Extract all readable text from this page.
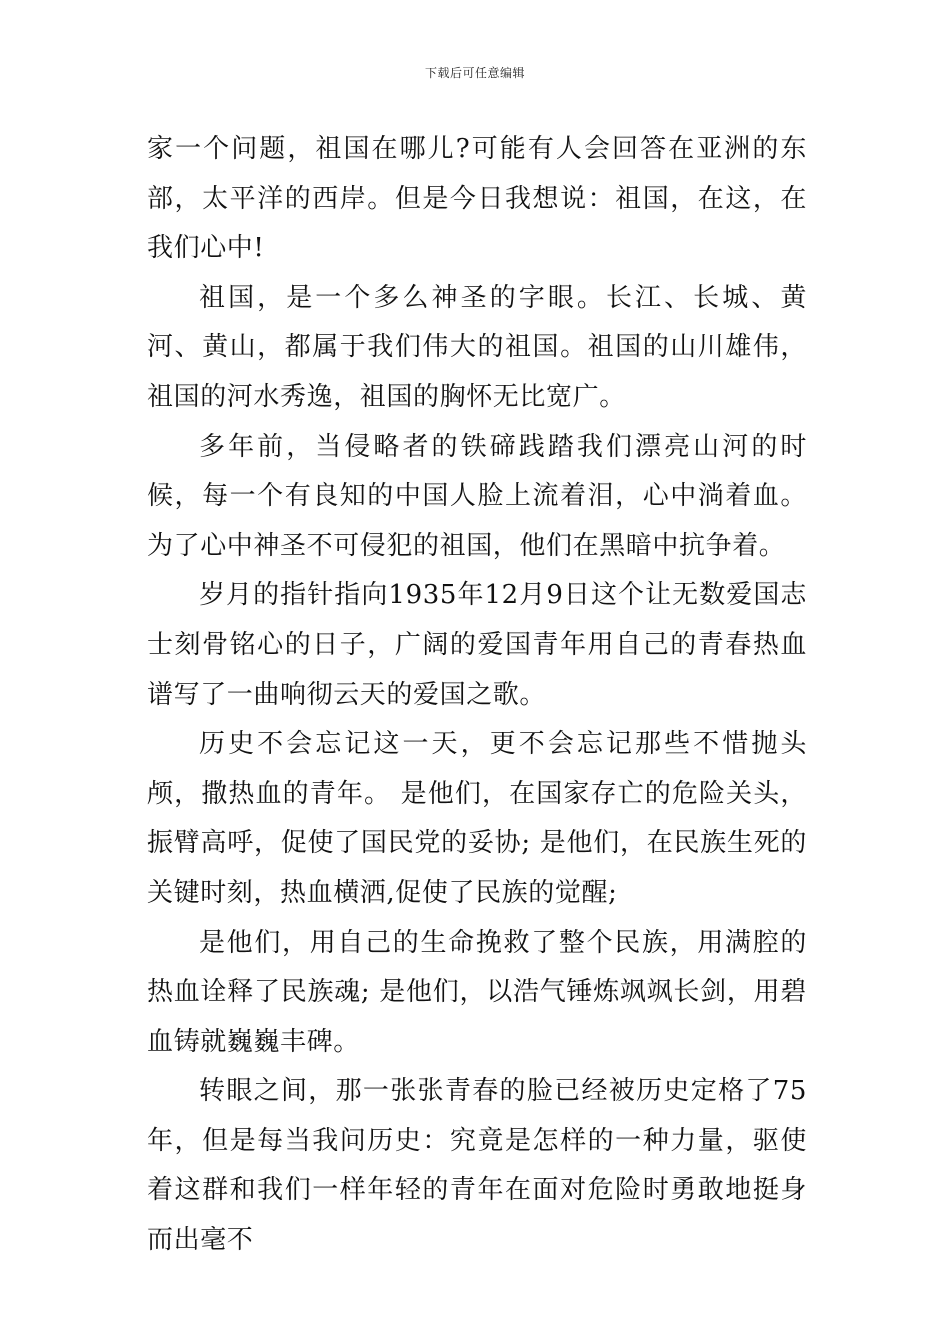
下载后可任意编辑

家一个问题，祖国在哪儿?可能有人会回答在亚洲的东部，太平洋的西岸。但是今日我想说：祖国，在这，在我们心中!

祖国，是一个多么神圣的字眼。长江、长城、黄河、黄山，都属于我们伟大的祖国。祖国的山川雄伟，祖国的河水秀逸，祖国的胸怀无比宽广。

多年前，当侵略者的铁碲践踏我们漂亮山河的时候，每一个有良知的中国人脸上流着泪，心中淌着血。为了心中神圣不可侵犯的祖国，他们在黑暗中抗争着。

岁月的指针指向1935年12月9日这个让无数爱国志士刻骨铭心的日子，广阔的爱国青年用自己的青春热血谱写了一曲响彻云天的爱国之歌。

历史不会忘记这一天，更不会忘记那些不惜抛头颅，撒热血的青年。 是他们，在国家存亡的危险关头，振臂高呼，促使了国民党的妥协; 是他们，在民族生死的关键时刻，热血横洒,促使了民族的觉醒;

是他们，用自己的生命挽救了整个民族，用满腔的热血诠释了民族魂; 是他们，以浩气锤炼飒飒长剑，用碧血铸就巍巍丰碑。

转眼之间，那一张张青春的脸已经被历史定格了75年，但是每当我问历史：究竟是怎样的一种力量，驱使着这群和我们一样年轻的青年在面对危险时勇敢地挺身而出毫不
